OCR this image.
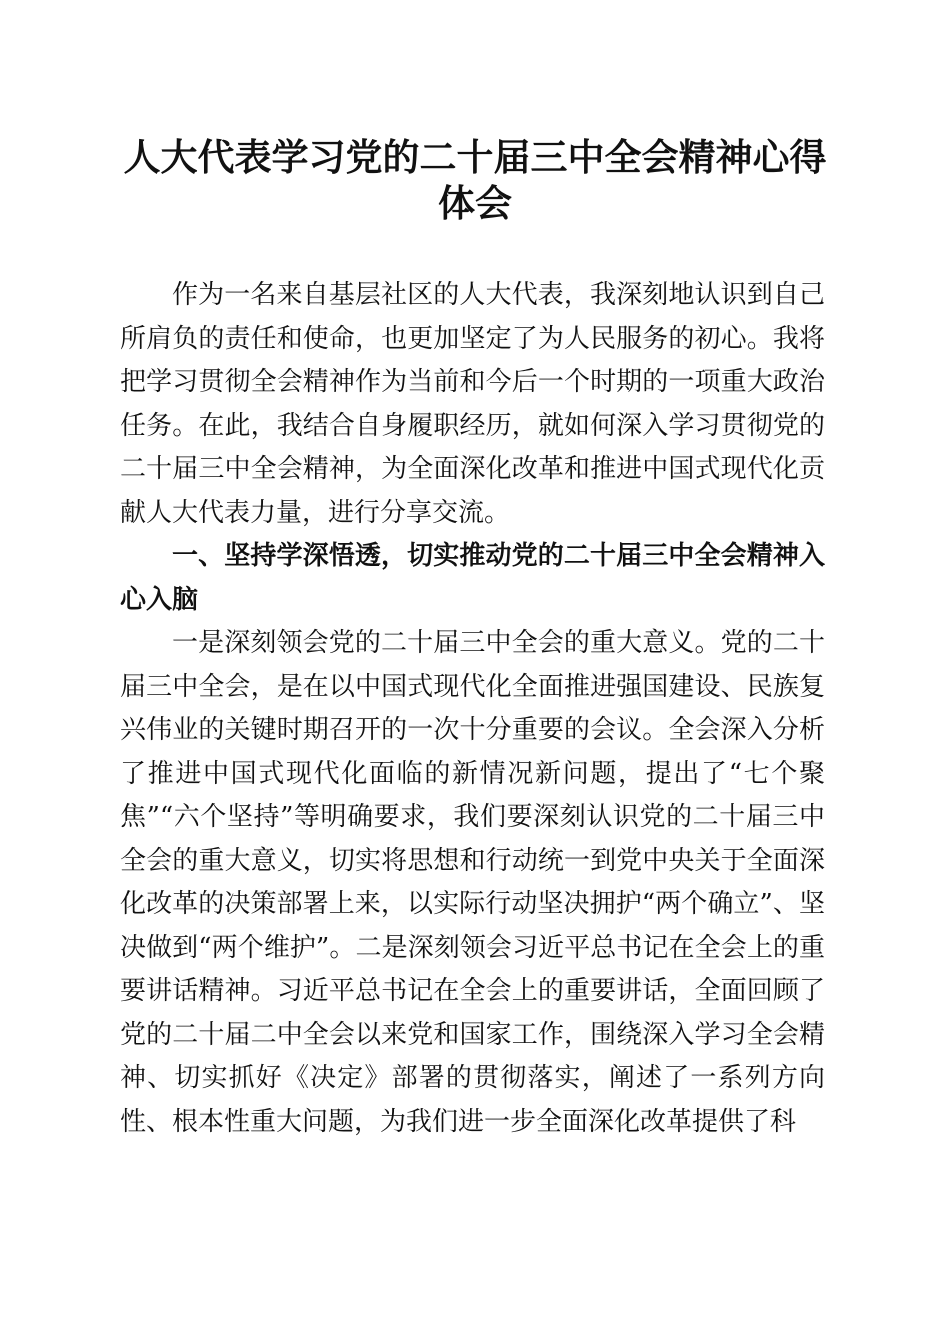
人大代表学习党的二十届三中全会精神心得体会

作为一名来自基层社区的人大代表，我深刻地认识到自己所肩负的责任和使命，也更加坚定了为人民服务的初心。我将把学习贯彻全会精神作为当前和今后一个时期的一项重大政治任务。在此，我结合自身履职经历，就如何深入学习贯彻党的二十届三中全会精神，为全面深化改革和推进中国式现代化贡献人大代表力量，进行分享交流。

一、坚持学深悟透，切实推动党的二十届三中全会精神入心入脑

一是深刻领会党的二十届三中全会的重大意义。党的二十届三中全会，是在以中国式现代化全面推进强国建设、民族复兴伟业的关键时期召开的一次十分重要的会议。全会深入分析了推进中国式现代化面临的新情况新问题，提出了“七个聚焦”“六个坚持”等明确要求，我们要深刻认识党的二十届三中全会的重大意义，切实将思想和行动统一到党中央关于全面深化改革的决策部署上来，以实际行动坚决拥护“两个确立”、坚决做到“两个维护”。二是深刻领会习近平总书记在全会上的重要讲话精神。习近平总书记在全会上的重要讲话，全面回顾了党的二十届二中全会以来党和国家工作，围绕深入学习全会精神、切实抓好《决定》部署的贯彻落实，阐述了一系列方向性、根本性重大问题，为我们进一步全面深化改革提供了科
